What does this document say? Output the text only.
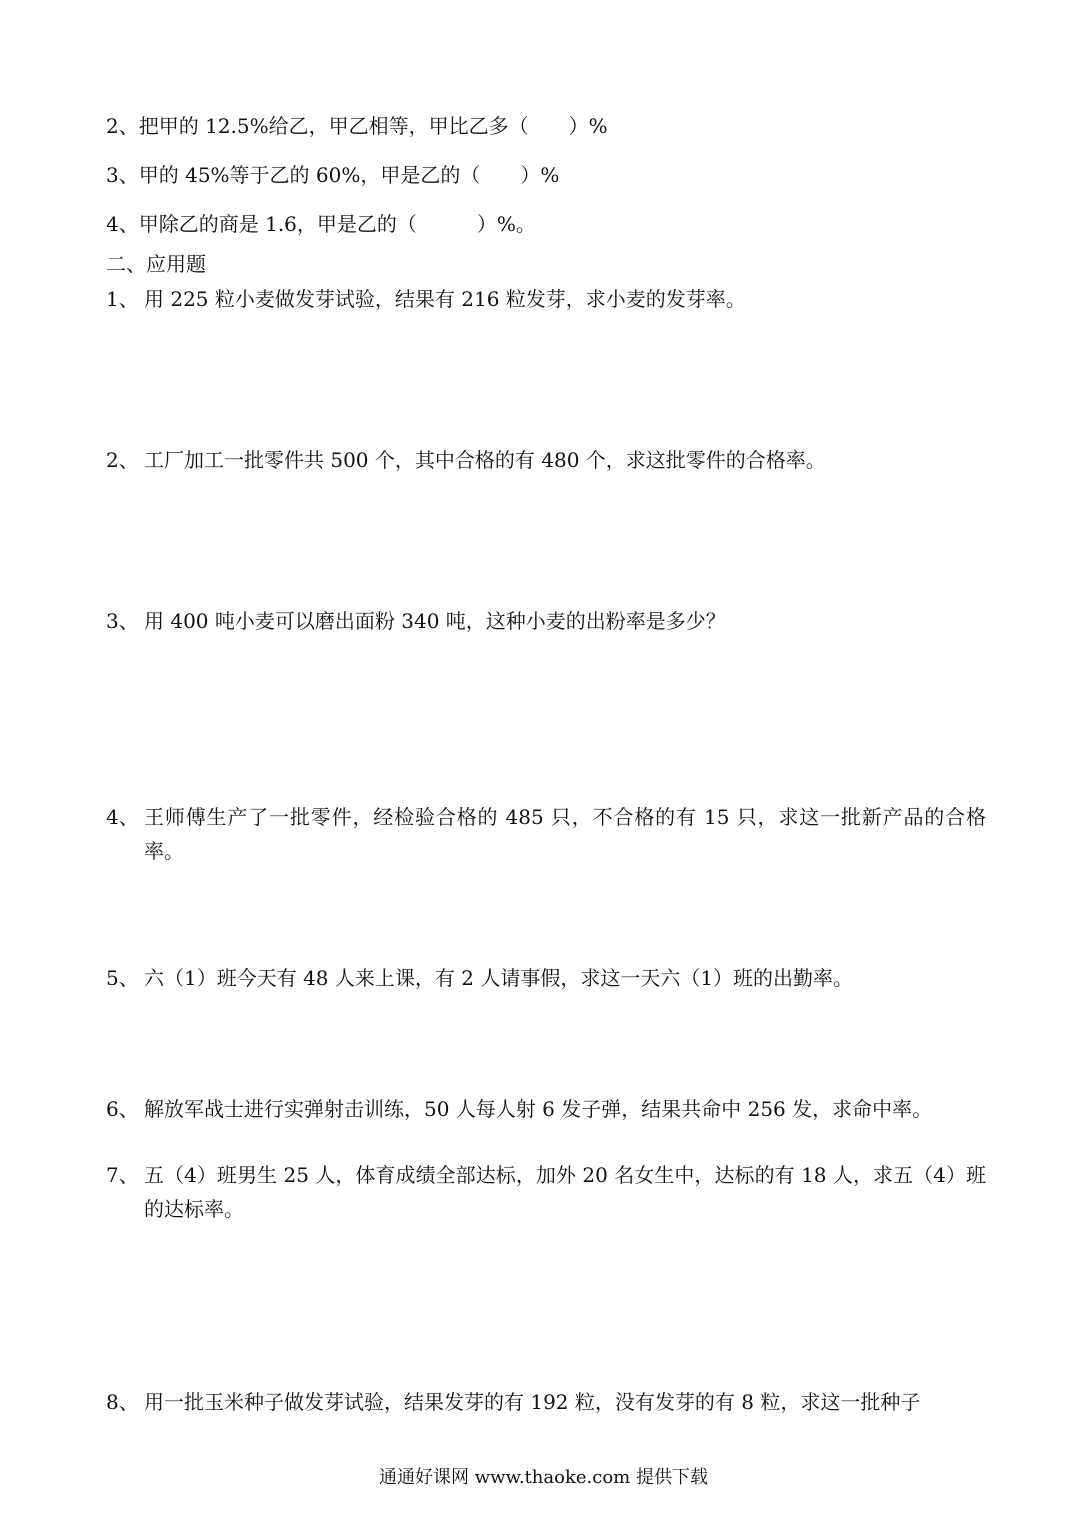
2、把甲的 12.5%给乙，甲乙相等，甲比乙多（　　）%
3、甲的 45%等于乙的 60%，甲是乙的（　　）%
4、甲除乙的商是 1.6，甲是乙的（　　　）%。
二、应用题
1、 用 225 粒小麦做发芽试验，结果有 216 粒发芽，求小麦的发芽率。
2、 工厂加工一批零件共 500 个，其中合格的有 480 个，求这批零件的合格率。
3、 用 400 吨小麦可以磨出面粉 340 吨，这种小麦的出粉率是多少？
4、 王师傅生产了一批零件，经检验合格的 485 只，不合格的有 15 只，求这一批新产品的合格率。
5、 六（1）班今天有 48 人来上课，有 2 人请事假，求这一天六（1）班的出勤率。
6、 解放军战士进行实弹射击训练，50 人每人射 6 发子弹，结果共命中 256 发，求命中率。
7、 五（4）班男生 25 人，体育成绩全部达标，加外 20 名女生中，达标的有 18 人，求五（4）班的达标率。
8、 用一批玉米种子做发芽试验，结果发芽的有 192 粒，没有发芽的有 8 粒，求这一批种子
通通好课网 www.thaoke.com 提供下载
